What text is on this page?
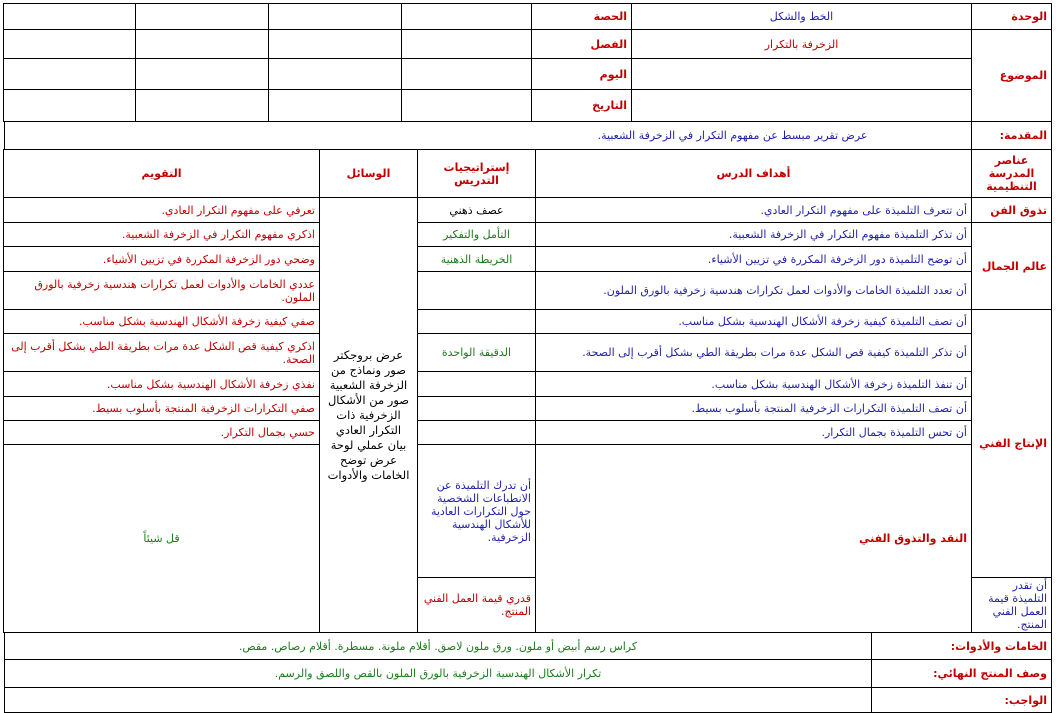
الوحدة	الخط والشكل	الحصة				
الموضوع	الزخرفة بالتكرار	الفصل				
		اليوم				
		التاريخ				
المقدمة:		عرض تقرير مبسط عن مفهوم التكرار في الزخرفة الشعبية.
عناصر المدرسة التنظيمية	أهداف الدرس	إستراتيجيات التدريس	الوسائل	التقويم	
تذوق الفن	أن تتعرف التلميذة على مفهوم التكرار العادي.	عصف ذهني	عرض بروجكتر صور ونماذج من الزخرفة الشعبية صور من الأشكال الزخرفية ذات التكرار العادي بيان عملي لوحة عرض توضح الخامات والأدوات	تعرفي على مفهوم التكرار العادي.	
عالم الجمال	أن تذكر التلميذة مفهوم التكرار في الزخرفة الشعبية.	التأمل والتفكير		اذكري مفهوم التكرار في الزخرفة الشعبية.	
	أن توضح التلميذة دور الزخرفة المكررة في تزيين الأشياء.	الخريطة الذهنية		وضحي دور الزخرفة المكررة في تزيين الأشياء.	
	أن تعدد التلميذة الخامات والأدوات لعمل تكرارات هندسية زخرفية بالورق الملون.			عددي الخامات والأدوات لعمل تكرارات هندسية زخرفية بالورق الملون.	
الإنتاج الفني	أن تصف التلميذة كيفية زخرفة الأشكال الهندسية بشكل مناسب.			صفي كيفية زخرفة الأشكال الهندسية بشكل مناسب.	
	أن تذكر التلميذة كيفية قص الشكل عدة مرات بطريقة الطي بشكل أقرب إلى الصحة.	الدقيقة الواحدة		اذكري كيفية قص الشكل عدة مرات بطريقة الطي بشكل أقرب إلى الصحة.	
	أن تنفذ التلميذة زخرفة الأشكال الهندسية بشكل مناسب.			نفذي زخرفة الأشكال الهندسية بشكل مناسب.	
	أن تصف التلميذة التكرارات الزخرفية المنتجة بأسلوب بسيط.			صفي التكرارات الزخرفية المنتجة بأسلوب بسيط.	
	أن تحس التلميذة بجمال التكرار.			حسي بجمال التكرار.	
	النقد والتذوق الفني	أن تدرك التلميذة عن الانطباعات الشخصية حول التكرارات العادية للأشكال الهندسية الزخرفية.		قل شيئاً	
أن تقدر التلميذة قيمة العمل الفني المنتج.		قدري قيمة العمل الفني المنتج.			
الخامات والأدوات:	كراس رسم أبيض أو ملون. ورق ملون لاصق. أقلام ملونة. مسطرة. أقلام رصاص. مقص.
وصف المنتج النهائي:	تكرار الأشكال الهندسية الزخرفية بالورق الملون بالقص واللصق والرسم.
الواجب:	
